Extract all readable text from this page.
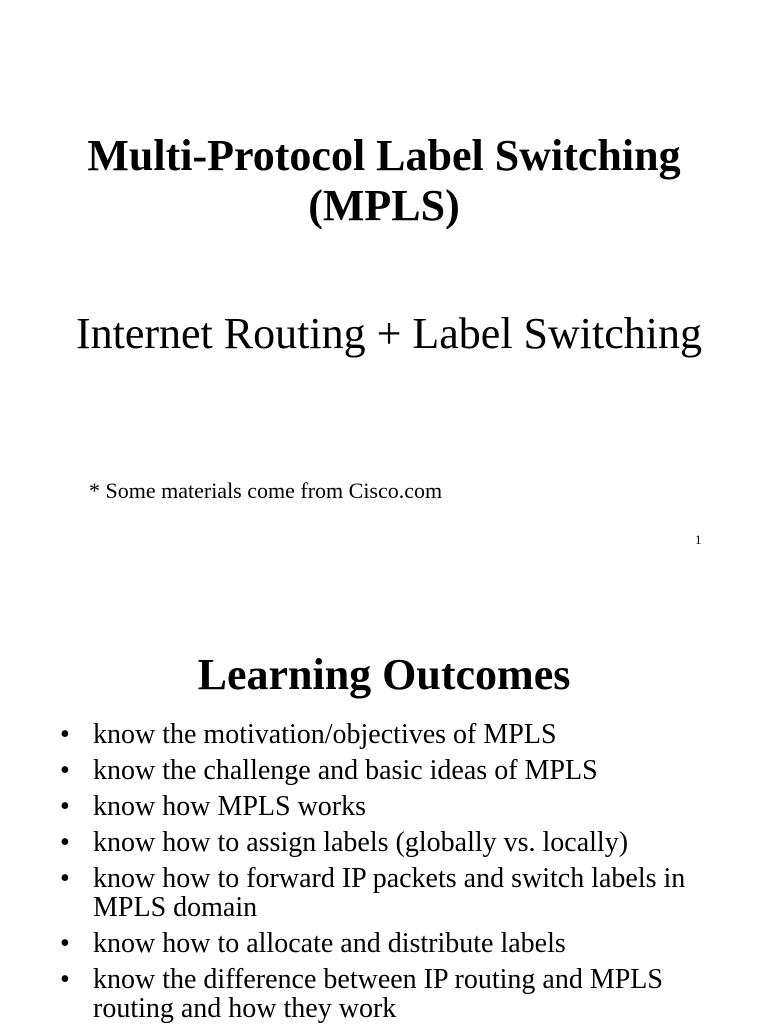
Multi-Protocol Label Switching
(MPLS)
Internet Routing + Label Switching
* Some materials come from Cisco.com
1
Learning Outcomes
• know the motivation/objectives of MPLS
• know the challenge and basic ideas of MPLS
• know how MPLS works
• know how to assign labels (globally vs. locally)
• know how to forward IP packets and switch labels in MPLS domain
• know how to allocate and distribute labels
• know the difference between IP routing and MPLS routing and how they work
